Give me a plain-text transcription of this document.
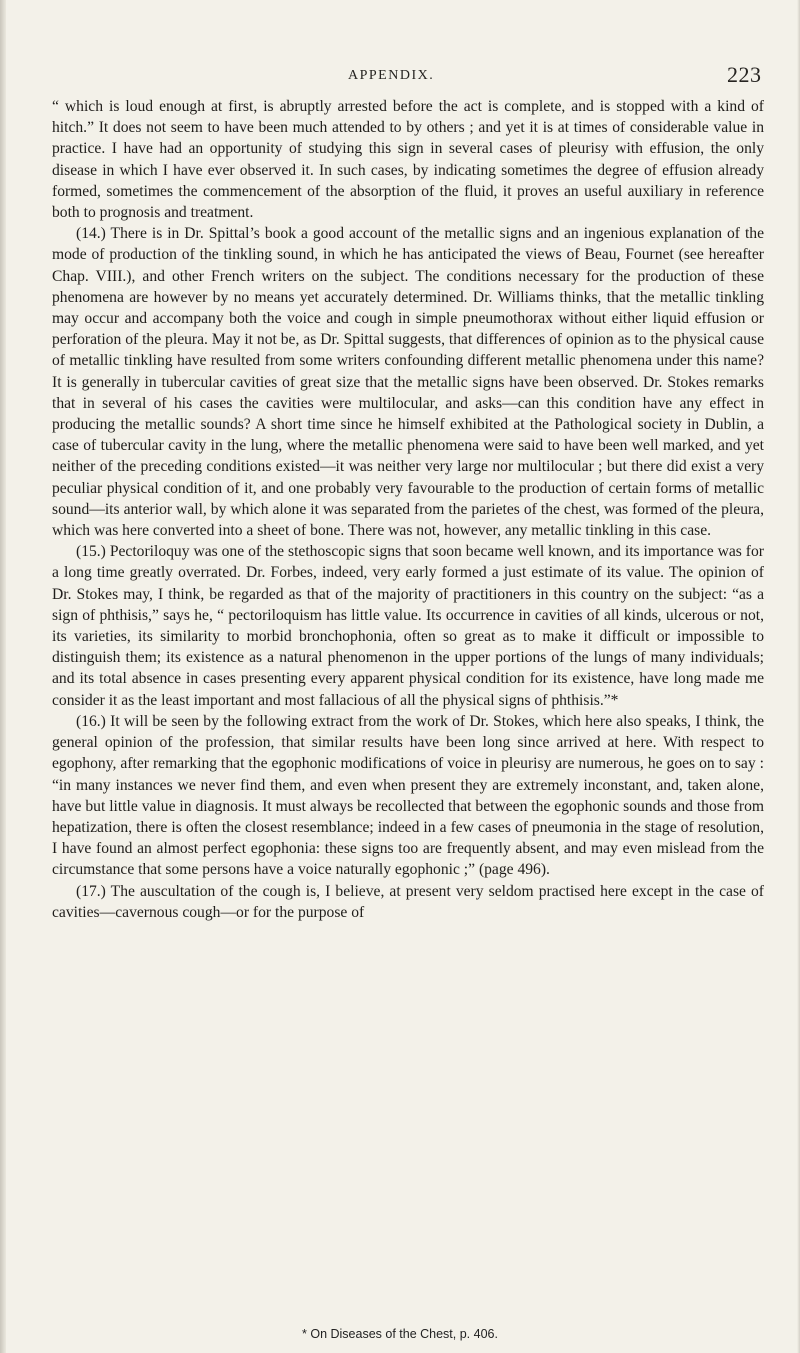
APPENDIX.	223

“ which is loud enough at first, is abruptly arrested before the act is complete, and is stopped with a kind of hitch.” It does not seem to have been much attended to by others ; and yet it is at times of considerable value in practice. I have had an opportunity of studying this sign in several cases of pleurisy with effusion, the only disease in which I have ever observed it. In such cases, by indicating sometimes the degree of effusion already formed, sometimes the commencement of the absorption of the fluid, it proves an useful auxiliary in reference both to prognosis and treatment.

(14.) There is in Dr. Spittal’s book a good account of the metallic signs and an ingenious explanation of the mode of production of the tinkling sound, in which he has anticipated the views of Beau, Fournet (see hereafter Chap. VIII.), and other French writers on the subject. The conditions necessary for the production of these phenomena are however by no means yet accurately determined. Dr. Williams thinks, that the metallic tinkling may occur and accompany both the voice and cough in simple pneumothorax without either liquid effusion or perforation of the pleura. May it not be, as Dr. Spittal suggests, that differences of opinion as to the physical cause of metallic tinkling have resulted from some writers confounding different metallic phenomena under this name? It is generally in tubercular cavities of great size that the metallic signs have been observed. Dr. Stokes remarks that in several of his cases the cavities were multilocular, and asks—can this condition have any effect in producing the metallic sounds? A short time since he himself exhibited at the Pathological society in Dublin, a case of tubercular cavity in the lung, where the metallic phenomena were said to have been well marked, and yet neither of the preceding conditions existed—it was neither very large nor multilocular ; but there did exist a very peculiar physical condition of it, and one probably very favourable to the production of certain forms of metallic sound—its anterior wall, by which alone it was separated from the parietes of the chest, was formed of the pleura, which was here converted into a sheet of bone. There was not, however, any metallic tinkling in this case.

(15.) Pectoriloquy was one of the stethoscopic signs that soon became well known, and its importance was for a long time greatly overrated. Dr. Forbes, indeed, very early formed a just estimate of its value. The opinion of Dr. Stokes may, I think, be regarded as that of the majority of practitioners in this country on the subject: “as a sign of phthisis,” says he, “ pectoriloquism has little value. Its occurrence in cavities of all kinds, ulcerous or not, its varieties, its similarity to morbid bronchophonia, often so great as to make it difficult or impossible to distinguish them; its existence as a natural phenomenon in the upper portions of the lungs of many individuals; and its total absence in cases presenting every apparent physical condition for its existence, have long made me consider it as the least important and most fallacious of all the physical signs of phthisis.”*

(16.) It will be seen by the following extract from the work of Dr. Stokes, which here also speaks, I think, the general opinion of the profession, that similar results have been long since arrived at here. With respect to egophony, after remarking that the egophonic modifications of voice in pleurisy are numerous, he goes on to say : “in many instances we never find them, and even when present they are extremely inconstant, and, taken alone, have but little value in diagnosis. It must always be recollected that between the egophonic sounds and those from hepatization, there is often the closest resemblance; indeed in a few cases of pneumonia in the stage of resolution, I have found an almost perfect egophonia: these signs too are frequently absent, and may even mislead from the circumstance that some persons have a voice naturally egophonic ;” (page 496).

(17.) The auscultation of the cough is, I believe, at present very seldom practised here except in the case of cavities—cavernous cough—or for the purpose of

* On Diseases of the Chest, p. 406.
